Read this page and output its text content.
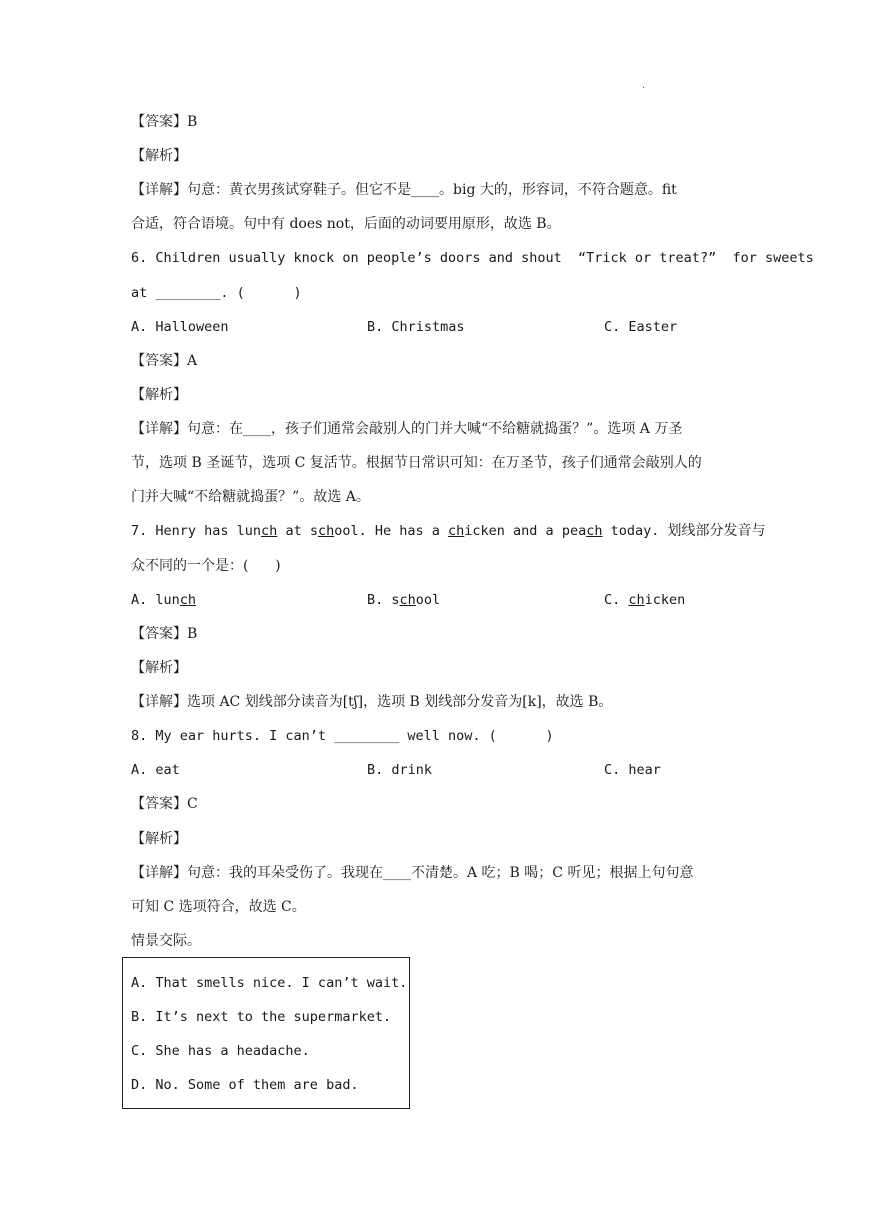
.
【答案】B
【解析】
【详解】句意：黄衣男孩试穿鞋子。但它不是____。big 大的，形容词，不符合题意。fit
合适，符合语境。句中有 does not，后面的动词要用原形，故选 B。
6. Children usually knock on people’s doors and shout  “Trick or treat?”  for sweets
at ________. (      )
A. Halloween	B. Christmas	C. Easter
【答案】A
【解析】
【详解】句意：在____，孩子们通常会敲别人的门并大喊“不给糖就捣蛋？”。选项 A 万圣
节，选项 B 圣诞节，选项 C 复活节。根据节日常识可知：在万圣节，孩子们通常会敲别人的
门并大喊“不给糖就捣蛋？”。故选 A。
7. Henry has lunch at school. He has a chicken and a peach today. 划线部分发音与
众不同的一个是：(      )
A. lunch	B. school	C. chicken
【答案】B
【解析】
【详解】选项 AC 划线部分读音为[tʃ]，选项 B 划线部分发音为[k]，故选 B。
8. My ear hurts. I can’t ________ well now. (      )
A. eat	B. drink	C. hear
【答案】C
【解析】
【详解】句意：我的耳朵受伤了。我现在____不清楚。A 吃；B 喝；C 听见；根据上句句意
可知 C 选项符合，故选 C。
情景交际。
A. That smells nice. I can’t wait.
B. It’s next to the supermarket.
C. She has a headache.
D. No. Some of them are bad.
